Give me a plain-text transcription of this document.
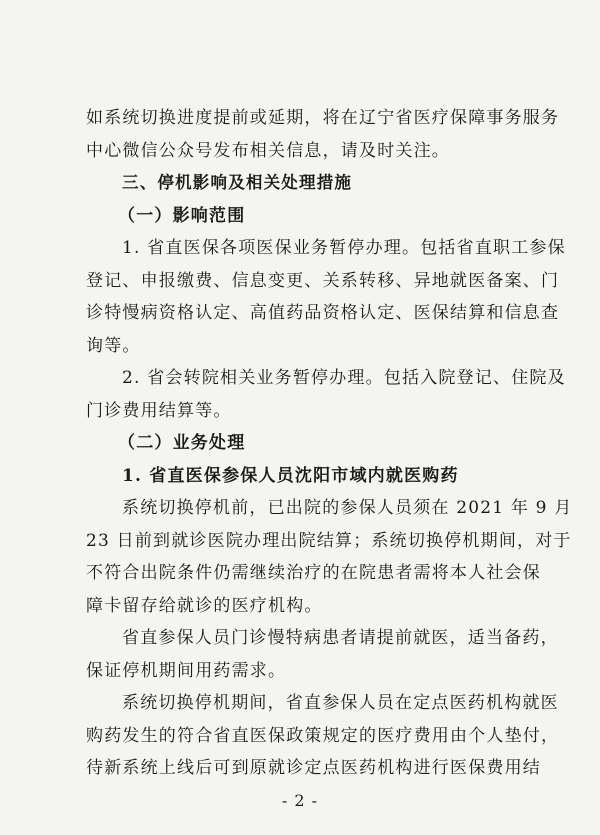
如系统切换进度提前或延期，将在辽宁省医疗保障事务服务
中心微信公众号发布相关信息，请及时关注。
三、停机影响及相关处理措施
（一）影响范围
1. 省直医保各项医保业务暂停办理。包括省直职工参保
登记、申报缴费、信息变更、关系转移、异地就医备案、门
诊特慢病资格认定、高值药品资格认定、医保结算和信息查
询等。
2. 省会转院相关业务暂停办理。包括入院登记、住院及
门诊费用结算等。
（二）业务处理
1. 省直医保参保人员沈阳市域内就医购药
系统切换停机前，已出院的参保人员须在 2021 年 9 月
23 日前到就诊医院办理出院结算；系统切换停机期间，对于
不符合出院条件仍需继续治疗的在院患者需将本人社会保
障卡留存给就诊的医疗机构。
省直参保人员门诊慢特病患者请提前就医，适当备药，
保证停机期间用药需求。
系统切换停机期间，省直参保人员在定点医药机构就医
购药发生的符合省直医保政策规定的医疗费用由个人垫付，
待新系统上线后可到原就诊定点医药机构进行医保费用结
- 2 -
